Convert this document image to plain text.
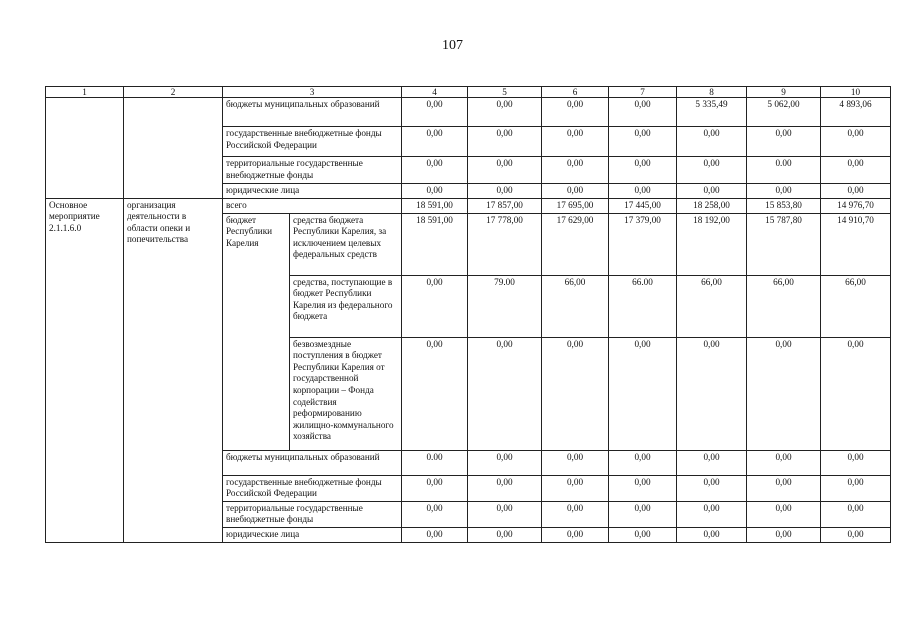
107
1	2	3		4	5	6	7	8	9	10
		бюджеты муниципальных образований		0,00	0,00	0,00	0,00	5 335,49	5 062,00	4 893,06
		государственные внебюджетные фонды Российской Федерации		0,00	0,00	0,00	0,00	0,00	0,00	0,00
		территориальные государственные внебюджетные фонды		0,00	0,00	0,00	0,00	0,00	0.00	0,00
		юридические лица		0,00	0,00	0,00	0,00	0,00	0,00	0,00
Основное мероприятие 2.1.1.6.0	организация деятельности в области опеки и попечительства	всего		18 591,00	17 857,00	17 695,00	17 445,00	18 258,00	15 853,80	14 976,70
		бюджет Республики Карелия	средства бюджета Республики Карелия, за исключением целевых федеральных средств	18 591,00	17 778,00	17 629,00	17 379,00	18 192,00	15 787,80	14 910,70
			средства, поступающие в бюджет Республики Карелия из федерального бюджета	0,00	79.00	66,00	66.00	66,00	66,00	66,00
			безвозмездные поступления в бюджет Республики Карелия от государственной корпорации – Фонда содействия реформированию жилищно-коммунального хозяйства	0,00	0,00	0,00	0,00	0,00	0,00	0,00
		бюджеты муниципальных образований		0.00	0,00	0,00	0,00	0,00	0,00	0,00
		государственные внебюджетные фонды Российской Федерации		0,00	0,00	0,00	0,00	0,00	0,00	0,00
		территориальные государственные внебюджетные фонды		0,00	0,00	0,00	0,00	0,00	0,00	0,00
		юридические лица		0,00	0,00	0,00	0,00	0,00	0,00	0,00
